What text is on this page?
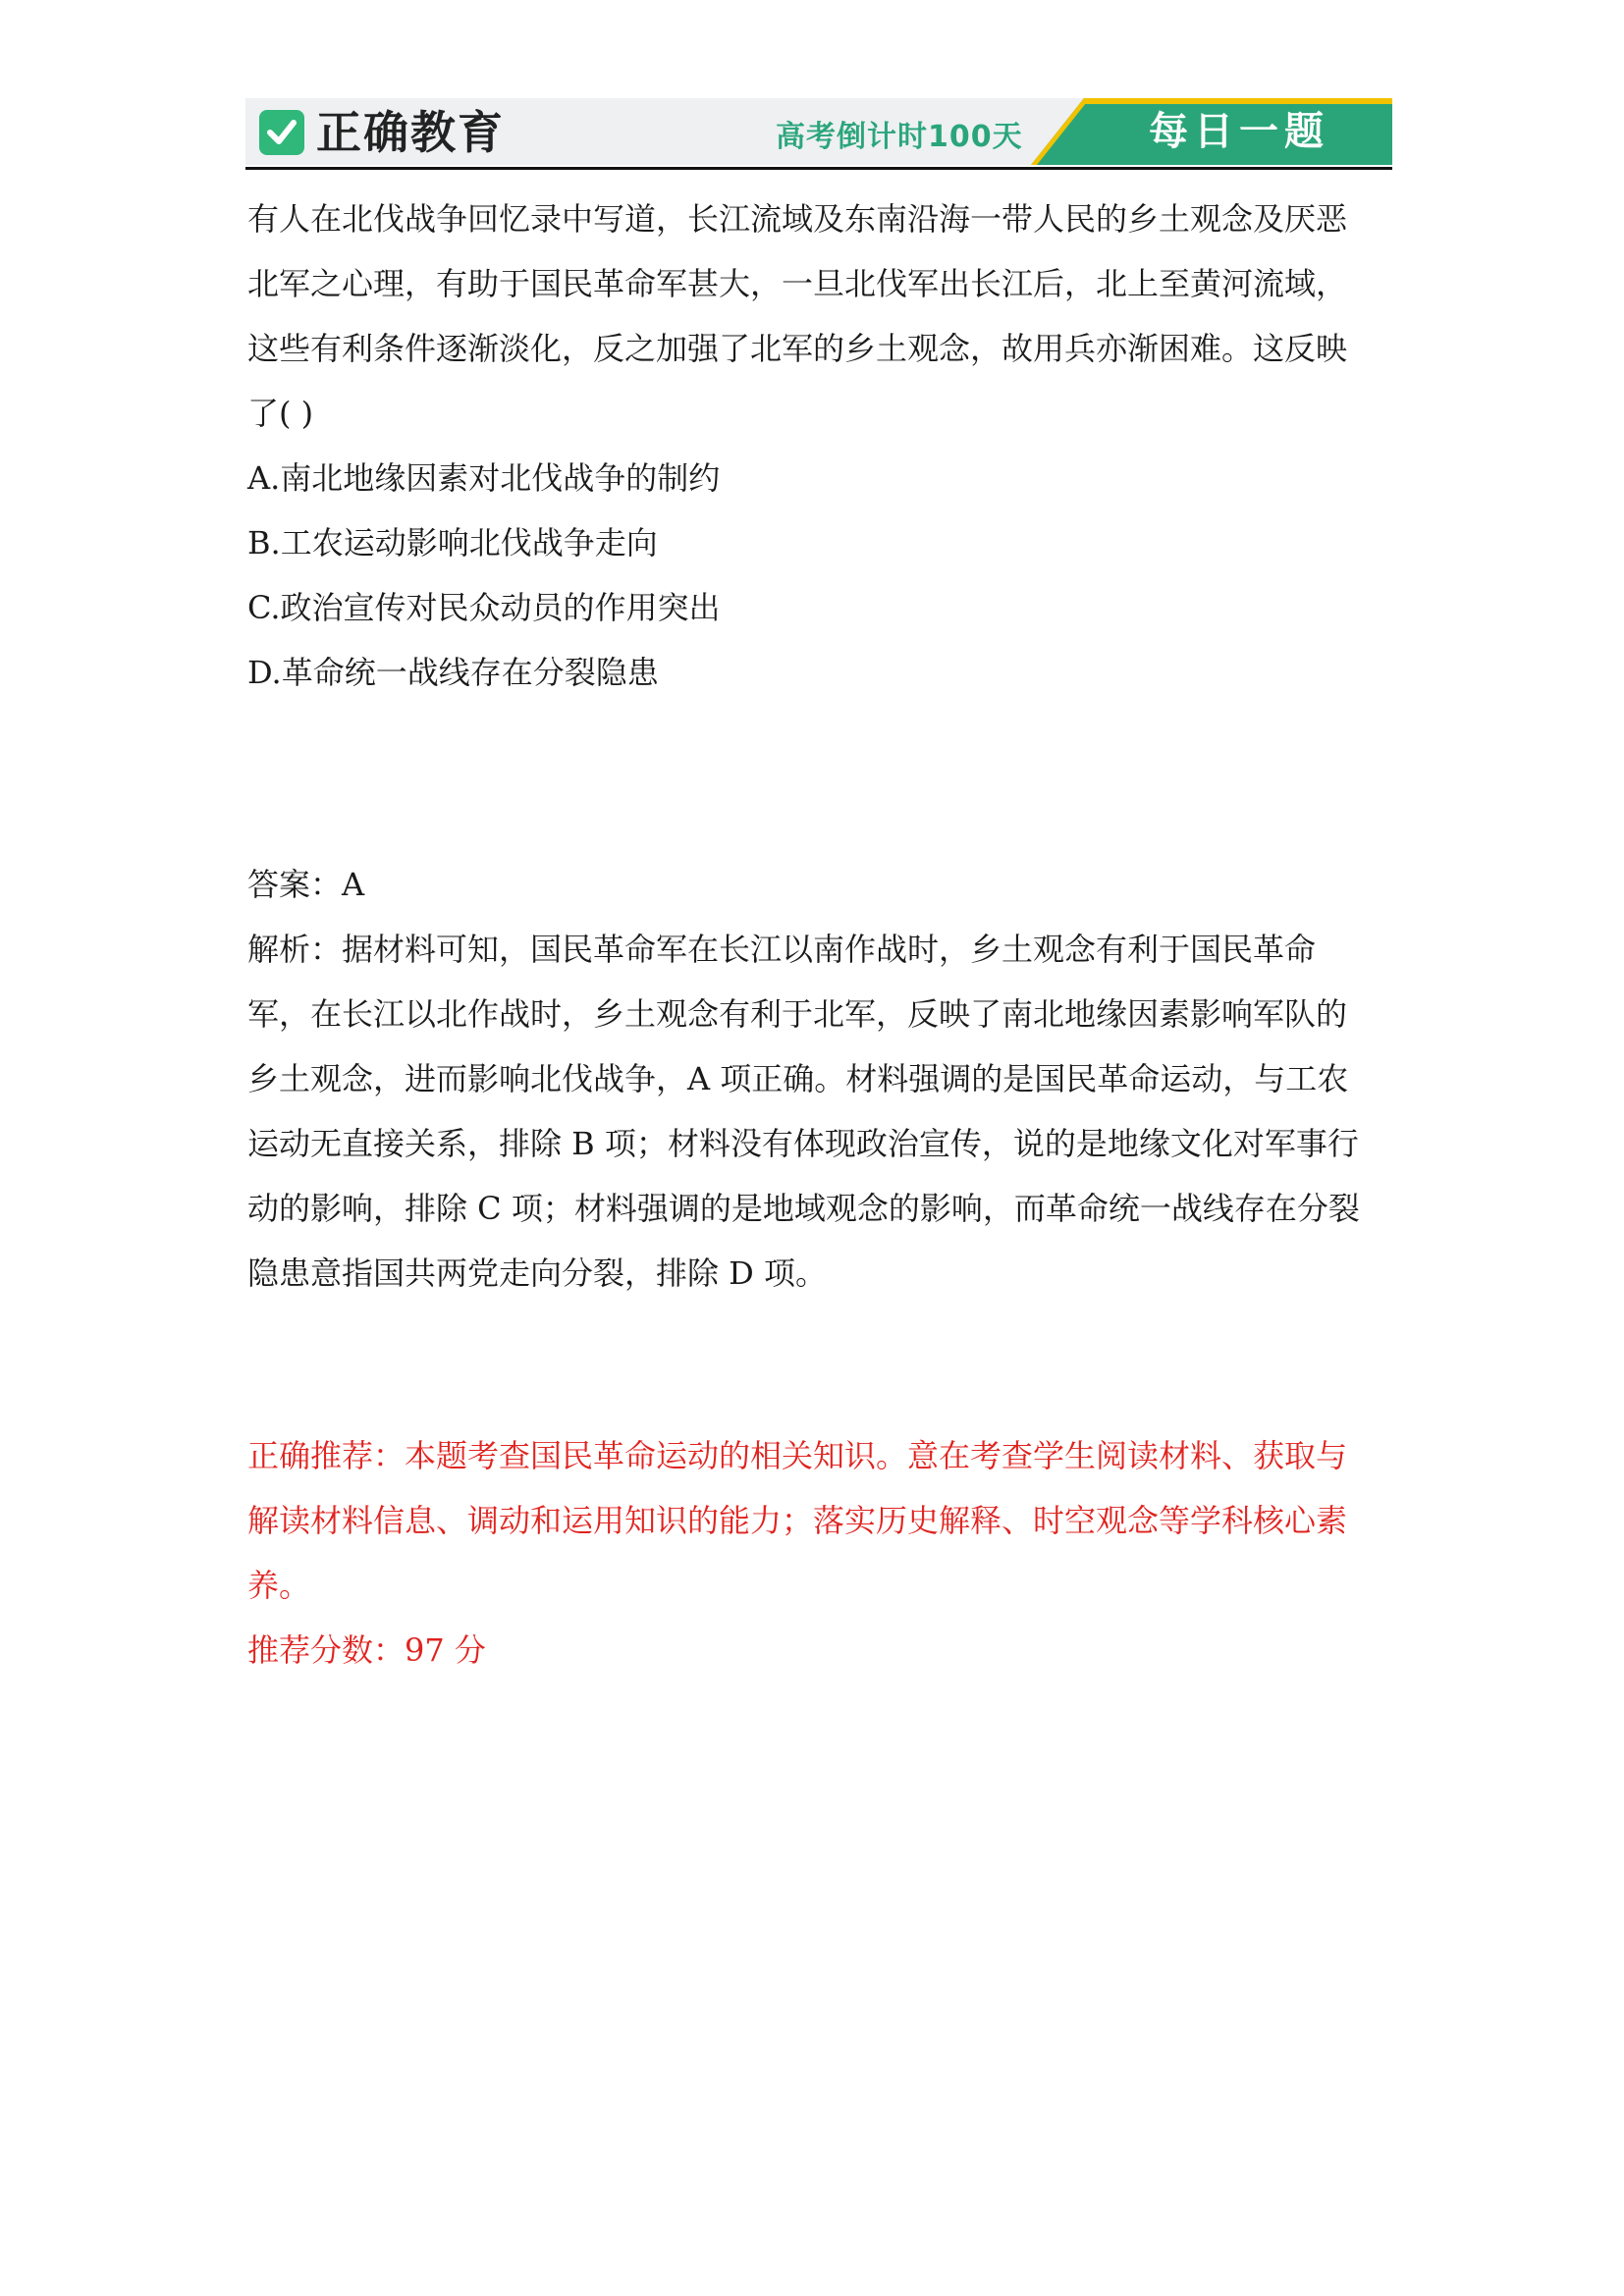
正确教育	高考倒计时100天	每日一题

有人在北伐战争回忆录中写道，长江流域及东南沿海一带人民的乡土观念及厌恶北军之心理，有助于国民革命军甚大，一旦北伐军出长江后，北上至黄河流域，这些有利条件逐渐淡化，反之加强了北军的乡土观念，故用兵亦渐困难。这反映了( )

A.南北地缘因素对北伐战争的制约
B.工农运动影响北伐战争走向
C.政治宣传对民众动员的作用突出
D.革命统一战线存在分裂隐患

答案：A

解析：据材料可知，国民革命军在长江以南作战时，乡土观念有利于国民革命军，在长江以北作战时，乡土观念有利于北军，反映了南北地缘因素影响军队的乡土观念，进而影响北伐战争，A 项正确。材料强调的是国民革命运动，与工农运动无直接关系，排除 B 项；材料没有体现政治宣传，说的是地缘文化对军事行动的影响，排除 C 项；材料强调的是地域观念的影响，而革命统一战线存在分裂隐患意指国共两党走向分裂，排除 D 项。

正确推荐：本题考查国民革命运动的相关知识。意在考查学生阅读材料、获取与解读材料信息、调动和运用知识的能力；落实历史解释、时空观念等学科核心素养。

推荐分数：97 分
